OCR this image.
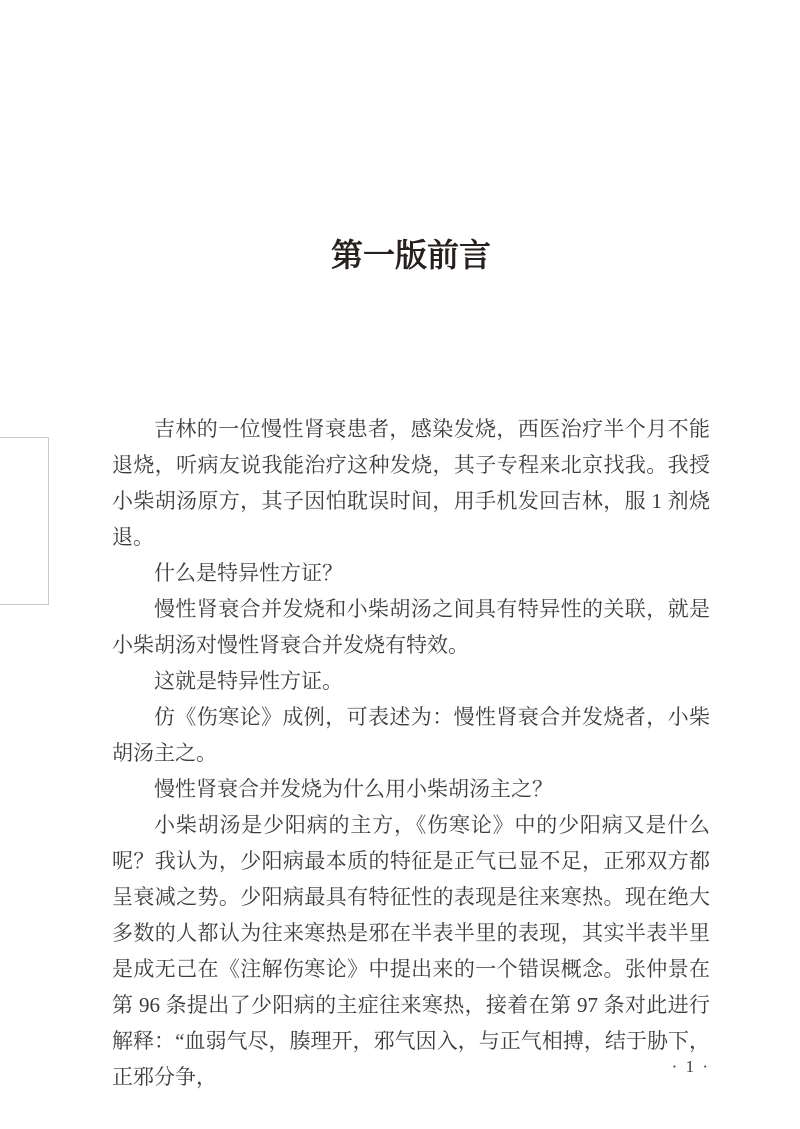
第一版前言

吉林的一位慢性肾衰患者，感染发烧，西医治疗半个月不能退烧，听病友说我能治疗这种发烧，其子专程来北京找我。我授小柴胡汤原方，其子因怕耽误时间，用手机发回吉林，服 1 剂烧退。

什么是特异性方证？

慢性肾衰合并发烧和小柴胡汤之间具有特异性的关联，就是小柴胡汤对慢性肾衰合并发烧有特效。

这就是特异性方证。

仿《伤寒论》成例，可表述为：慢性肾衰合并发烧者，小柴胡汤主之。

慢性肾衰合并发烧为什么用小柴胡汤主之？

小柴胡汤是少阳病的主方，《伤寒论》中的少阳病又是什么呢？我认为，少阳病最本质的特征是正气已显不足，正邪双方都呈衰减之势。少阳病最具有特征性的表现是往来寒热。现在绝大多数的人都认为往来寒热是邪在半表半里的表现，其实半表半里是成无己在《注解伤寒论》中提出来的一个错误概念。张仲景在第 96 条提出了少阳病的主症往来寒热，接着在第 97 条对此进行解释：“血弱气尽，腠理开，邪气因入，与正气相搏，结于胁下，正邪分争，	· 1 ·
